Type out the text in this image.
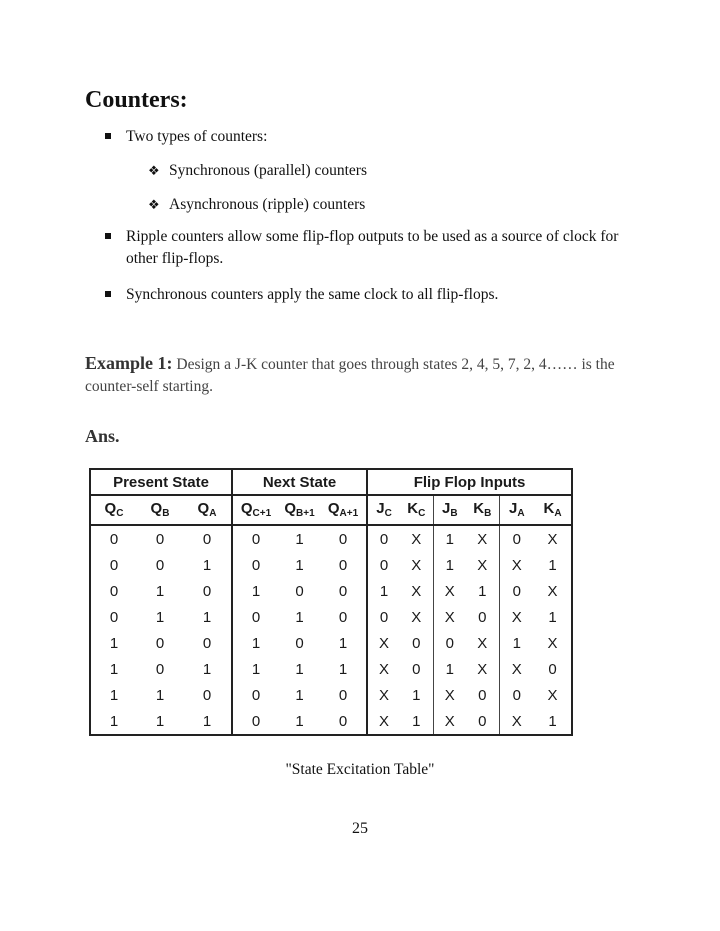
Counters:
Two types of counters:
❖ Synchronous (parallel) counters
❖ Asynchronous (ripple) counters
Ripple counters allow some flip-flop outputs to be used as a source of clock for other flip-flops.
Synchronous counters apply the same clock to all flip-flops.

Example 1: Design a J-K counter that goes through states 2, 4, 5, 7, 2, 4…… is the counter-self starting.

Ans.

Present State			Next State			Flip Flop Inputs					
$Q_C$	$Q_B$	$Q_A$	$Q_{C+1}$	$Q_{B+1}$	$Q_{A+1}$	$J_C$	$K_C$	$J_B$	$K_B$	$J_A$	$K_A$
0	0	0	0	1	0	0	X	1	X	0	X
0	0	1	0	1	0	0	X	1	X	X	1
0	1	0	1	0	0	1	X	X	1	0	X
0	1	1	0	1	0	0	X	X	0	X	1
1	0	0	1	0	1	X	0	0	X	1	X
1	0	1	1	1	1	X	0	1	X	X	0
1	1	0	0	1	0	X	1	X	0	0	X
1	1	1	0	1	0	X	1	X	0	X	1

"State Excitation Table"

25
